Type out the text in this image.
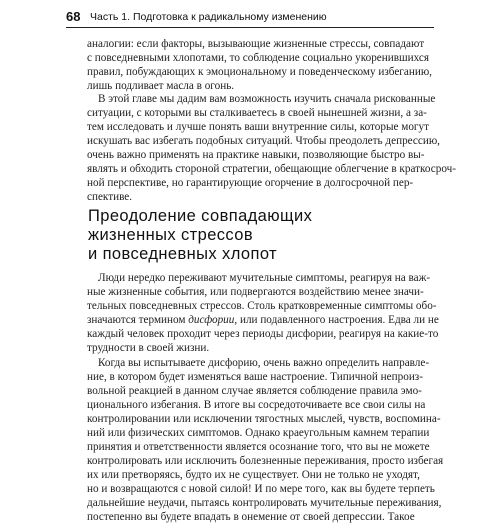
68 Часть 1. Подготовка к радикальному изменению
аналогии: если факторы, вызывающие жизненные стрессы, совпадают
с повседневными хлопотами, то соблюдение социально укоренившихся
правил, побуждающих к эмоциональному и поведенческому избеганию,
лишь подливает масла в огонь.
В этой главе мы дадим вам возможность изучить сначала рискованные
ситуации, с которыми вы сталкиваетесь в своей нынешней жизни, а за-
тем исследовать и лучше понять ваши внутренние силы, которые могут
искушать вас избегать подобных ситуаций. Чтобы преодолеть депрессию,
очень важно применять на практике навыки, позволяющие быстро вы-
являть и обходить стороной стратегии, обещающие облегчение в краткосроч-
ной перспективе, но гарантирующие огорчение в долгосрочной пер-
спективе.
Преодоление совпадающих
жизненных стрессов
и повседневных хлопот
Люди нередко переживают мучительные симптомы, реагируя на важ-
ные жизненные события, или подвергаются воздействию менее значи-
тельных повседневных стрессов. Столь кратковременные симптомы обо-
значаются термином дисфории, или подавленного настроения. Едва ли не
каждый человек проходит через периоды дисфории, реагируя на какие-то
трудности в своей жизни.
Когда вы испытываете дисфорию, очень важно определить направле-
ние, в котором будет изменяться ваше настроение. Типичной непроиз-
вольной реакцией в данном случае является соблюдение правила эмо-
ционального избегания. В итоге вы сосредоточиваете все свои силы на
контролировании или исключении тягостных мыслей, чувств, воспомина-
ний или физических симптомов. Однако краеугольным камнем терапии
принятия и ответственности является осознание того, что вы не можете
контролировать или исключить болезненные переживания, просто избегая
их или претворяясь, будто их не существует. Они не только не уходят,
но и возвращаются с новой силой! И по мере того, как вы будете терпеть
дальнейшие неудачи, пытаясь контролировать мучительные переживания,
постепенно вы будете впадать в онемение от своей депрессии. Такое
